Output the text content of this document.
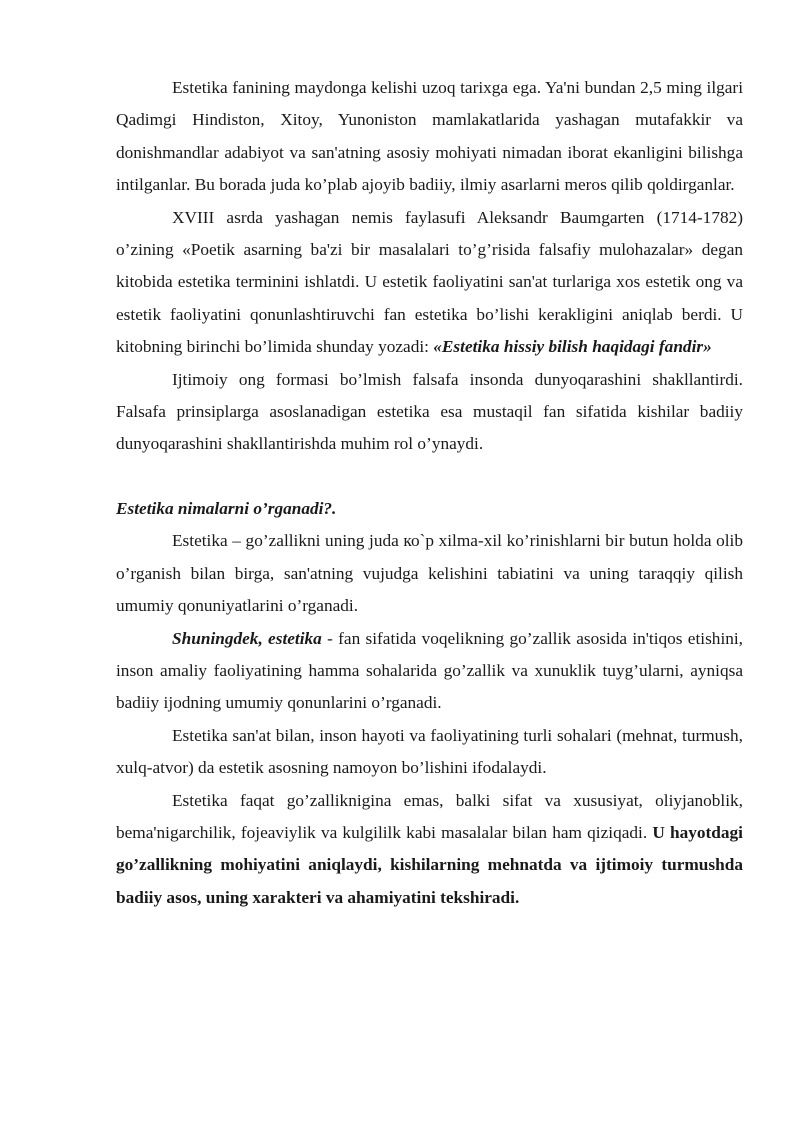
Estetika fanining maydonga kelishi uzoq tarixga ega. Ya'ni bundan 2,5 ming ilgari Qadimgi Hindiston, Xitoy, Yunoniston mamlakatlarida yashagan mutafakkir va donishmandlar adabiyot va san'atning asosiy mohiyati nimadan iborat ekanligini bilishga intilganlar. Bu borada juda ko’plab ajoyib badiiy, ilmiy asarlarni meros qilib qoldirganlar.

XVIII asrda yashagan nemis faylasufi Aleksandr Baumgarten (1714-1782) o’zining «Poetik asarning ba'zi bir masalalari to’g’risida falsafiy mulohazalar» degan kitobida estetika terminini ishlatdi. U estetik faoliyatini san'at turlariga xos estetik ong va estetik faoliyatini qonunlashtiruvchi fan estetika bo’lishi kerakligini aniqlab berdi. U kitobning birinchi bo’limida shunday yozadi: «Estetika hissiy bilish haqidagi fandir»

Ijtimoiy ong formasi bo’lmish falsafa insonda dunyoqarashini shakllantirdi. Falsafa prinsiplarga asoslanadigan estetika esa mustaqil fan sifatida kishilar badiiy dunyoqarashini shakllantirishda muhim rol o’ynaydi.

Estetika nimalarni o’rganadi?.

Estetika – go’zallikni uning juda ко`p xilma-xil ko’rinishlarni bir butun holda olib o’rganish bilan birga, san'atning vujudga kelishini tabiatini va uning taraqqiy qilish umumiy qonuniyatlarini o’rganadi.

Shuningdek, estetika - fan sifatida voqelikning go’zallik asosida in'tiqos etishini, inson amaliy faoliyatining hamma sohalarida go’zallik va xunuklik tuyg’ularni, ayniqsa badiiy ijodning umumiy qonunlarini o’rganadi.

Estetika san'at bilan, inson hayoti va faoliyatining turli sohalari (mehnat, turmush, xulq-atvor) da estetik asosning namoyon bo’lishini ifodalaydi.

Estetika faqat go’zallikniginа emas, balki sifat va xususiyat, oliyjanoblik, bema'nigarchilik, fojeaviylik va kulgililk kabi masalalar bilan ham qiziqadi. U hayotdagi go’zallikning mohiyatini aniqlaydi, kishilarning mehnatda va ijtimoiy turmushda badiiy asos, uning xarakteri va ahamiyatini tekshiradi.
